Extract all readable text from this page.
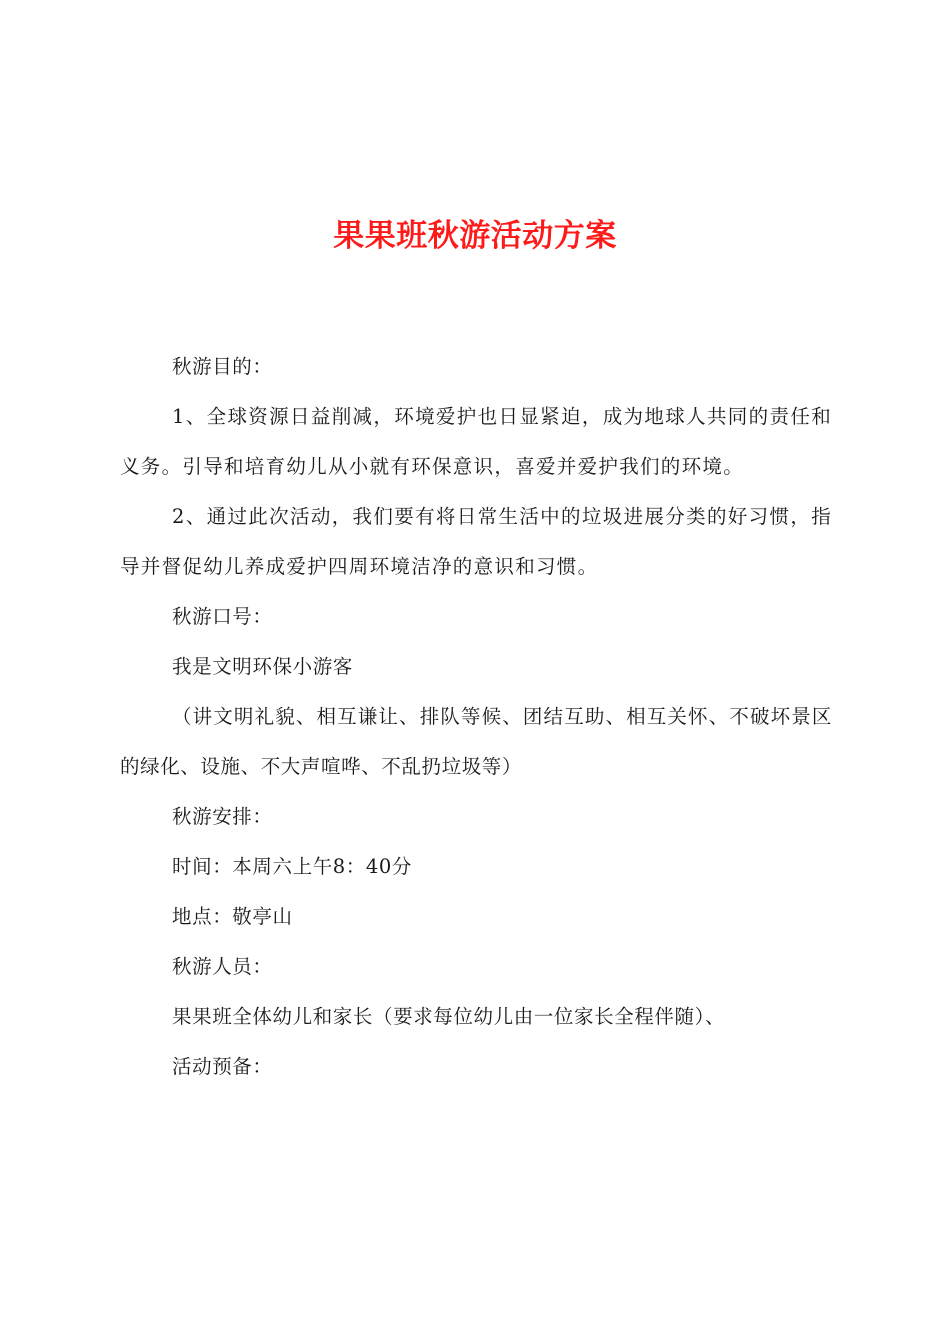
果果班秋游活动方案

秋游目的：

1、全球资源日益削减，环境爱护也日显紧迫，成为地球人共同的责任和义务。引导和培育幼儿从小就有环保意识，喜爱并爱护我们的环境。

2、通过此次活动，我们要有将日常生活中的垃圾进展分类的好习惯，指导并督促幼儿养成爱护四周环境洁净的意识和习惯。

秋游口号：

我是文明环保小游客

（讲文明礼貌、相互谦让、排队等候、团结互助、相互关怀、不破坏景区的绿化、设施、不大声喧哗、不乱扔垃圾等）

秋游安排：

时间：本周六上午8：40分

地点：敬亭山

秋游人员：

果果班全体幼儿和家长（要求每位幼儿由一位家长全程伴随）、

活动预备：
